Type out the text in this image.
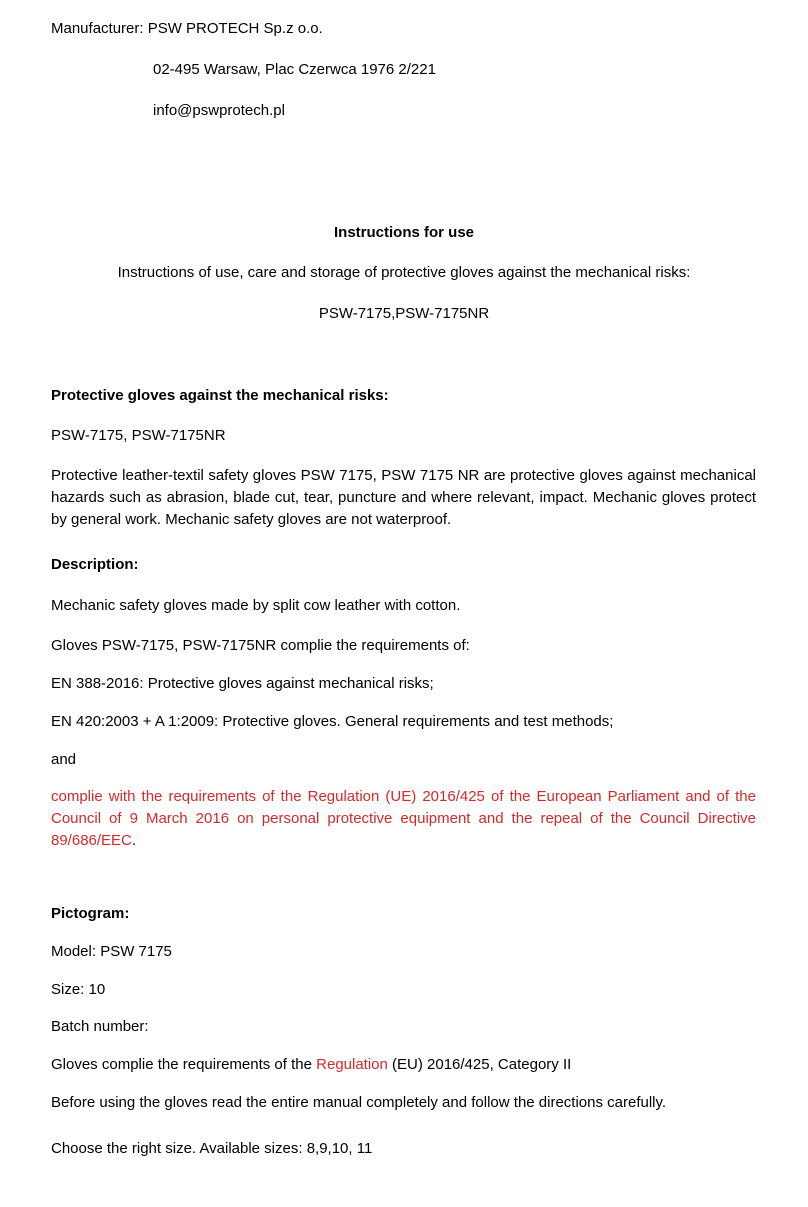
Manufacturer: PSW PROTECH Sp.z o.o.
02-495 Warsaw, Plac Czerwca 1976 2/221
info@pswprotech.pl
Instructions for use
Instructions of use, care and storage of protective gloves against the mechanical risks:
PSW-7175,PSW-7175NR
Protective gloves against the mechanical risks:
PSW-7175, PSW-7175NR
Protective leather-textil safety gloves PSW 7175, PSW 7175 NR are protective gloves against mechanical hazards such as abrasion, blade cut, tear, puncture and where relevant, impact. Mechanic gloves protect by general work. Mechanic safety gloves are not waterproof.
Description:
Mechanic safety gloves made by split cow leather with cotton.
Gloves PSW-7175, PSW-7175NR complie the requirements of:
EN 388-2016: Protective gloves against mechanical risks;
EN 420:2003 + A 1:2009: Protective gloves. General requirements and test methods;
and
complie with the requirements of the Regulation (UE) 2016/425 of the European Parliament and of the Council of 9 March 2016 on personal protective equipment and the repeal of the Council Directive 89/686/EEC.
Pictogram:
Model: PSW 7175
Size: 10
Batch number:
Gloves complie the requirements of the Regulation (EU) 2016/425, Category II
Before using the gloves read the entire manual completely and follow the directions carefully.
Choose the right size. Available sizes: 8,9,10, 11
